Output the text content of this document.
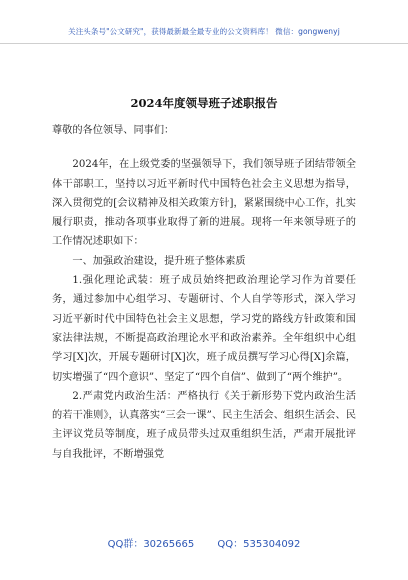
关注头条号"公文研究"，获得最新最全最专业的公文资料库！ 微信：gongwenyj
2024年度领导班子述职报告

尊敬的各位领导、同事们：

2024年，在上级党委的坚强领导下，我们领导班子团结带领全体干部职工，坚持以习近平新时代中国特色社会主义思想为指导，深入贯彻党的[会议精神及相关政策方针]，紧紧围绕中心工作，扎实履行职责，推动各项事业取得了新的进展。现将一年来领导班子的工作情况述职如下：

一、加强政治建设，提升班子整体素质

1.强化理论武装：班子成员始终把政治理论学习作为首要任务，通过参加中心组学习、专题研讨、个人自学等形式，深入学习习近平新时代中国特色社会主义思想，学习党的路线方针政策和国家法律法规，不断提高政治理论水平和政治素养。全年组织中心组学习[X]次，开展专题研讨[X]次，班子成员撰写学习心得[X]余篇，切实增强了“四个意识”、坚定了“四个自信”、做到了“两个维护”。

2.严肃党内政治生活：严格执行《关于新形势下党内政治生活的若干准则》，认真落实“三会一课”、民主生活会、组织生活会、民主评议党员等制度，班子成员带头过双重组织生活，严肃开展批评与自我批评，不断增强党

QQ群：30265665 QQ：535304092
